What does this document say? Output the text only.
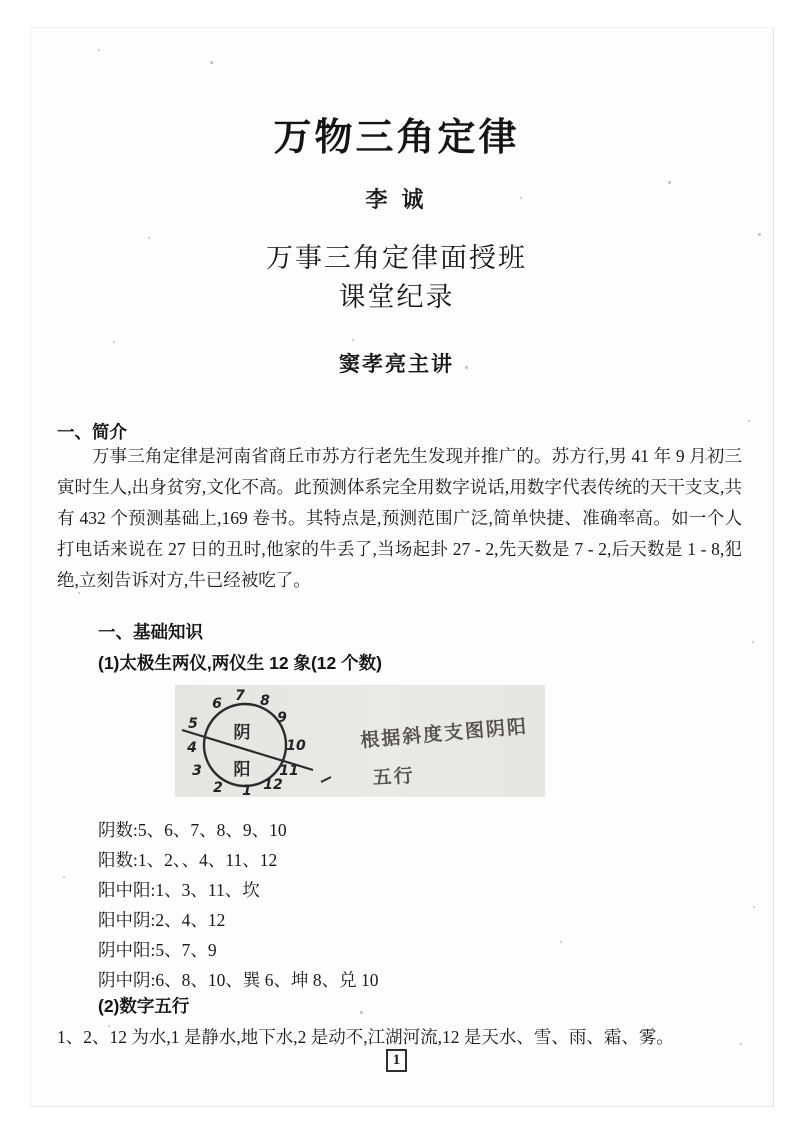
万物三角定律
李 诚
万事三角定律面授班
课堂纪录
窦孝亮主讲
一、简介

万事三角定律是河南省商丘市苏方行老先生发现并推广的。苏方行,男 41 年 9 月初三寅时生人,出身贫穷,文化不高。此预测体系完全用数字说话,用数字代表传统的天干支支,共有 432 个预测基础上,169 卷书。其特点是,预测范围广泛,简单快捷、准确率高。如一个人打电话来说在 27 日的丑时,他家的牛丢了,当场起卦 27 - 2,先天数是 7 - 2,后天数是 1 - 8,犯绝,立刻告诉对方,牛已经被吃了。

一、基础知识
(1)太极生两仪,两仪生 12 象(12 个数)
阴
阳
1
2
3
4
5
6 7 8
9
10
11
12
根据斜度支图阴阳
五行
阴数:5、6、7、8、9、10
阳数:1、2、、4、11、12
阳中阳:1、3、11、坎
阳中阴:2、4、12
阴中阳:5、7、9
阴中阴:6、8、10、巽 6、坤 8、兑 10
(2)数字五行
1、2、12 为水,1 是静水,地下水,2 是动不,江湖河流,12 是天水、雪、雨、霜、雾。
1
